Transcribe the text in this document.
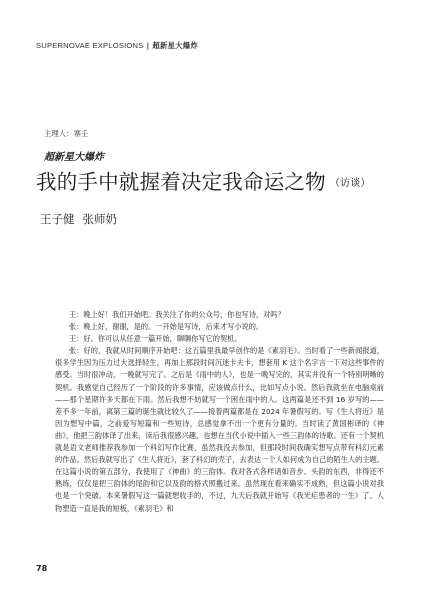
SUPERNOVAE EXPLOSIONS | 超新星大爆炸
主理人：寨壬
超新星大爆炸
我的手中就握着决定我命运之物 （访谈）
王子健 张师奶

王：晚上好！我们开始吧。我关注了你的公众号，你也写诗，对吗？

张：晚上好，谢谢，是的。一开始是写诗，后来才写小说的。

王：好。你可以从任意一篇开始，聊聊你写它的契机。

张：好的，我就从时间顺序开始吧：这五篇里我最早创作的是《素羽毛》。当时看了一些新闻报道，很多学生因为压力过大选择轻生，再加上那段时间沉迷卡夫卡，想套用 K 这个名字言一下对这些事件的感受。当时很冲动，一晚就写完了。之后是《雨中的人》，也是一晚写完的，其实并没有一个特别明晰的契机。我感觉自己经历了一个阶段的许多事情，应该做点什么，比如写点小说。然后我就坐在电脑桌前——那个星期许多天都在下雨。然后我想不妨就写一个困在雨中的人。这两篇是还不到 16 岁写的——差不多一年前，离第三篇的诞生就比较久了——接着两篇都是在 2024 年暑假写的。写《生人将近》是因为想写中篇，之前爱写短篇和一些短诗，总感觉拿不出一个更有分量的。当时读了黄国彬译的《神曲》，他把三韵体译了出来，读后我很感兴趣，也想在当代小说中插入一些三韵体的诗歌。还有一个契机就是语文老师推荐我参加一个科幻写作比赛，虽然我没去参加，但那段时间我确实想写点带有科幻元素的作品。然后我就写出了《生人将近》，套了科幻的壳子，去表达一个人如何成为自己的陌生人的主题。在这篇小说的第五部分，我使用了《神曲》的三韵体。我对各式各样诸如音步、头韵的东西，非得还不熟练，仅仅是把三韵体的尾韵和它以及韵的格式照搬过来。虽然现在看来确实不成熟，但这篇小说对我也是一个突破。本来暑假写这一篇就想收手的，不过，九天后我就开始写《我光疟患者的一生》了。人物塑造一直是我的短板，《素羽毛》和

78
